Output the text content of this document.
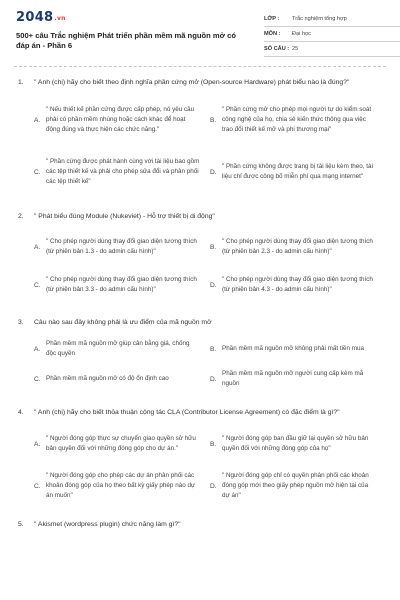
2048.vn
500+ câu Trắc nghiệm Phát triển phần mềm mã nguồn mở có đáp án - Phần 6
LỚP :	Trắc nghiệm tổng hợp
MÔN :	Đại học
SỐ CÂU : 25
1.	" Anh (chị) hãy cho biết theo định nghĩa phần cứng mở (Open-source Hardware) phát biểu nào là đúng?"
A.
" Nếu thiết kế phần cứng được cấp phép, nó yêu cầu phải có phần mềm nhúng hoặc cách khác để hoạt động đúng và thực hiện các chức năng."
B.
" Phần cứng mở cho phép mọi người tự do kiểm soát công nghệ của họ, chia sẻ kiến thức thông qua việc trao đổi thiết kế mở và phi thương mại"
C.
" Phần cứng được phát hành cùng với tài liệu bao gồm các tệp thiết kế và phải cho phép sửa đổi và phân phối các tệp thiết kế"
D.
" Phần cứng không được trang bị tài liệu kèm theo, tài liệu chỉ được công bố miễn phí qua mạng internet"
2.	" Phát biểu đúng Module (Nukeviet) - Hỗ trợ thiết bị di động"
A.
" Cho phép người dùng thay đổi giao diện tương thích (từ phiên bản 1.3 - do admin cấu hình)"
B.
" Cho phép người dùng thay đổi giao diện tương thích (từ phiên bản 2.3 - do admin cấu hình)"
C.
" Cho phép người dùng thay đổi giao diện tương thích (từ phiên bản 3.3 - do admin cấu hình)"
D.
" Cho phép người dùng thay đổi giao diện tương thích (từ phiên bản 4.3 - do admin cấu hình)"
3.	Câu nào sau đây không phải là ưu điểm của mã nguồn mở
A.
Phần mềm mã nguồn mở giúp cân bằng giá, chống độc quyền
B. Phần mềm mã nguồn mở không phải mất tiền mua
C. Phần mềm mã nguồn mở có độ ổn định cao	D.
Phần mềm mã nguồn mở người cung cấp kèm mã nguồn
4.	" Anh (chị) hãy cho biết thỏa thuận cộng tác CLA (Contributor License Agreement) có đặc điểm là gì?"
A.
" Người đóng góp thực sự chuyển giao quyền sở hữu bản quyền đối với những đóng góp cho dự án."
B.
" Người đóng góp ban đầu giữ lại quyền sở hữu bản quyền đối với những đóng góp của họ"
C.
" Người đóng góp cho phép các dự án phân phối các khoản đóng góp của họ theo bất kỳ giấy phép nào dự án muốn"
D.
" Người đóng góp chỉ có quyền phân phối các khoản đóng góp mới theo giấy phép nguồn mở hiện tại của dự án"
5.	" Akismet (wordpress plugin) chức năng làm gì?"
